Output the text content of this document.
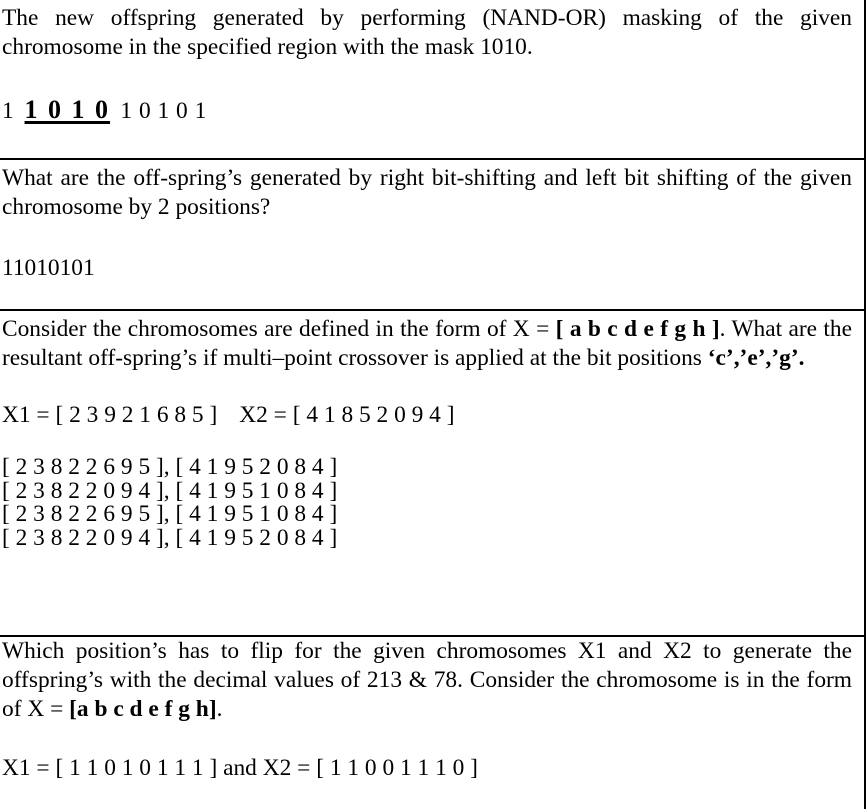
The new offspring generated by performing (NAND-OR) masking of the given chromosome in the specified region with the mask 1010.

1 1 0 1 0 1 0 1 0 1

What are the off-spring’s generated by right bit-shifting and left bit shifting of the given chromosome by 2 positions?

11010101

Consider the chromosomes are defined in the form of X = [ a b c d e f g h ]. What are the resultant off-spring’s if multi–point crossover is applied at the bit positions ‘c’,’e’,’g’.

X1 = [ 2 3 9 2 1 6 8 5 ] X2 = [ 4 1 8 5 2 0 9 4 ]
[ 2 3 8 2 2 6 9 5 ], [ 4 1 9 5 2 0 8 4 ]
[ 2 3 8 2 2 0 9 4 ], [ 4 1 9 5 1 0 8 4 ]
[ 2 3 8 2 2 6 9 5 ], [ 4 1 9 5 1 0 8 4 ]
[ 2 3 8 2 2 0 9 4 ], [ 4 1 9 5 2 0 8 4 ]

Which position’s has to flip for the given chromosomes X1 and X2 to generate the offspring’s with the decimal values of 213 & 78. Consider the chromosome is in the form of X = [a b c d e f g h].

X1 = [ 1 1 0 1 0 1 1 1 ] and X2 = [ 1 1 0 0 1 1 1 0 ]
